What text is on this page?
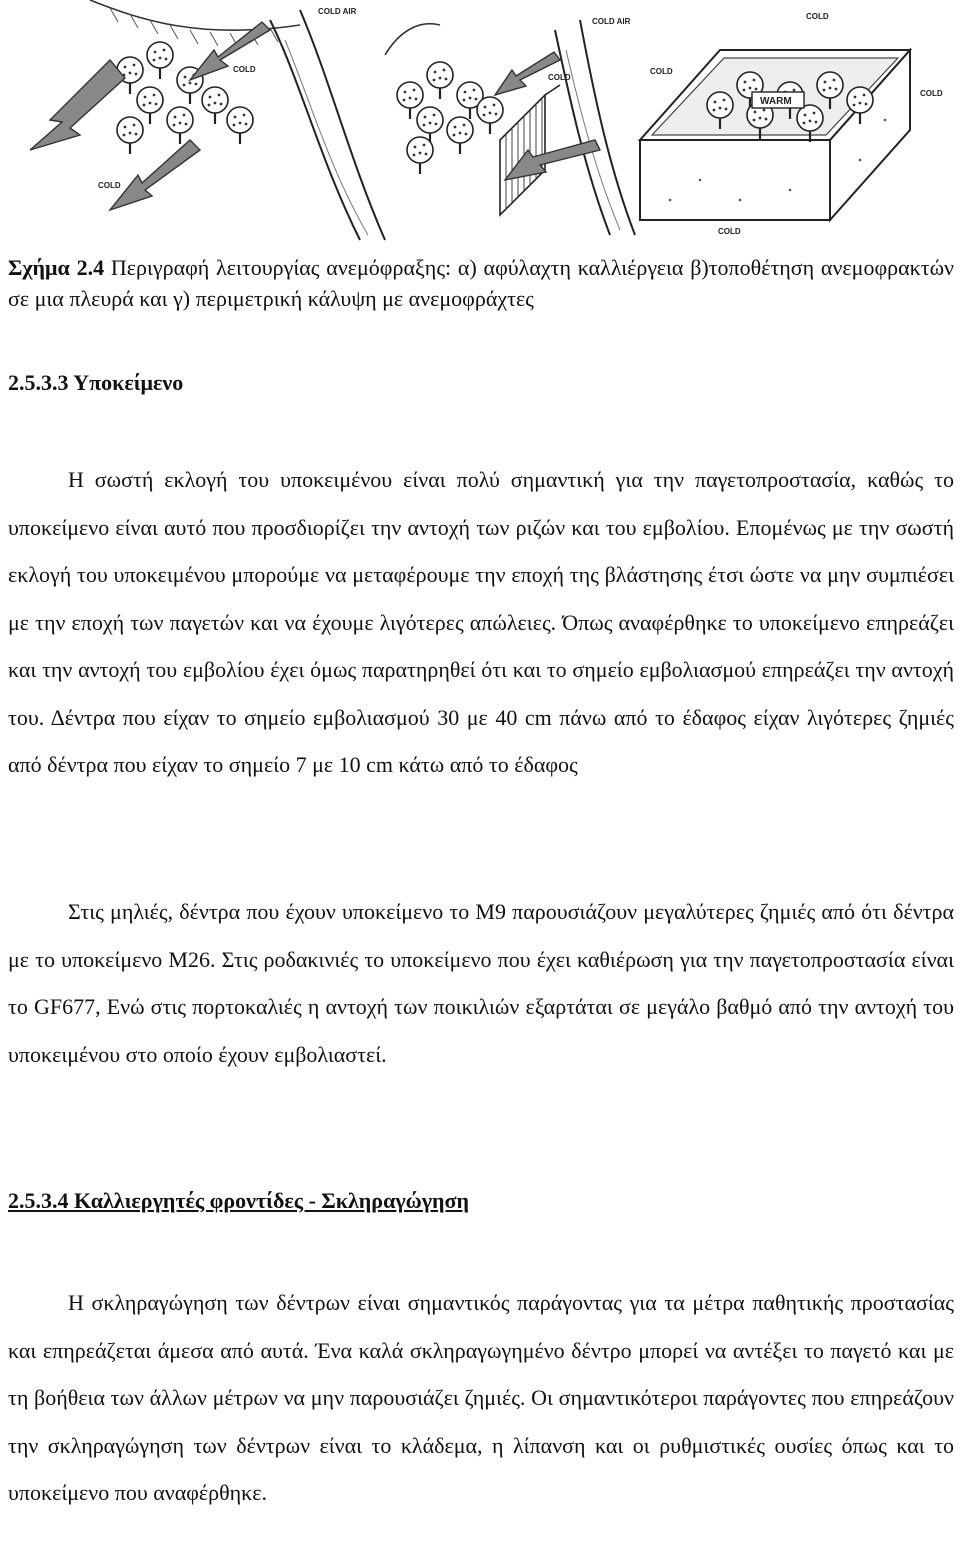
COLD AIR
COLD
COLD
COLD AIR
COLD
WARM
COLD
COLD
COLD
COLD
Σχήμα 2.4 Περιγραφή λειτουργίας ανεμόφραξης: α) αφύλαχτη καλλιέργεια β)τοποθέτηση ανεμοφρακτών σε μια πλευρά και γ) περιμετρική κάλυψη με ανεμοφράχτες
2.5.3.3 Υποκείμενο

Η σωστή εκλογή του υποκειμένου είναι πολύ σημαντική για την παγετοπροστασία, καθώς το υποκείμενο είναι αυτό που προσδιορίζει την αντοχή των ριζών και του εμβολίου. Επομένως με την σωστή εκλογή του υποκειμένου μπορούμε να μεταφέρουμε την εποχή της βλάστησης έτσι ώστε να μην συμπιέσει με την εποχή των παγετών και να έχουμε λιγότερες απώλειες. Όπως αναφέρθηκε το υποκείμενο επηρεάζει και την αντοχή του εμβολίου έχει όμως παρατηρηθεί ότι και το σημείο εμβολιασμού επηρεάζει την αντοχή του. Δέντρα που είχαν το σημείο εμβολιασμού 30 με 40 cm πάνω από το έδαφος είχαν λιγότερες ζημιές από δέντρα που είχαν το σημείο 7 με 10 cm κάτω από το έδαφος

Στις μηλιές, δέντρα που έχουν υποκείμενο το Μ9 παρουσιάζουν μεγαλύτερες ζημιές από ότι δέντρα με το υποκείμενο Μ26. Στις ροδακινιές το υποκείμενο που έχει καθιέρωση για την παγετοπροστασία είναι το GF677, Ενώ στις πορτοκαλιές η αντοχή των ποικιλιών εξαρτάται σε μεγάλο βαθμό από την αντοχή του υποκειμένου στο οποίο έχουν εμβολιαστεί.

2.5.3.4 Καλλιεργητές φροντίδες - Σκληραγώγηση

Η σκληραγώγηση των δέντρων είναι σημαντικός παράγοντας για τα μέτρα παθητικής προστασίας και επηρεάζεται άμεσα από αυτά. Ένα καλά σκληραγωγημένο δέντρο μπορεί να αντέξει το παγετό και με τη βοήθεια των άλλων μέτρων να μην παρουσιάζει ζημιές. Οι σημαντικότεροι παράγοντες που επηρεάζουν την σκληραγώγηση των δέντρων είναι το κλάδεμα, η λίπανση και οι ρυθμιστικές ουσίες όπως και το υποκείμενο που αναφέρθηκε.
